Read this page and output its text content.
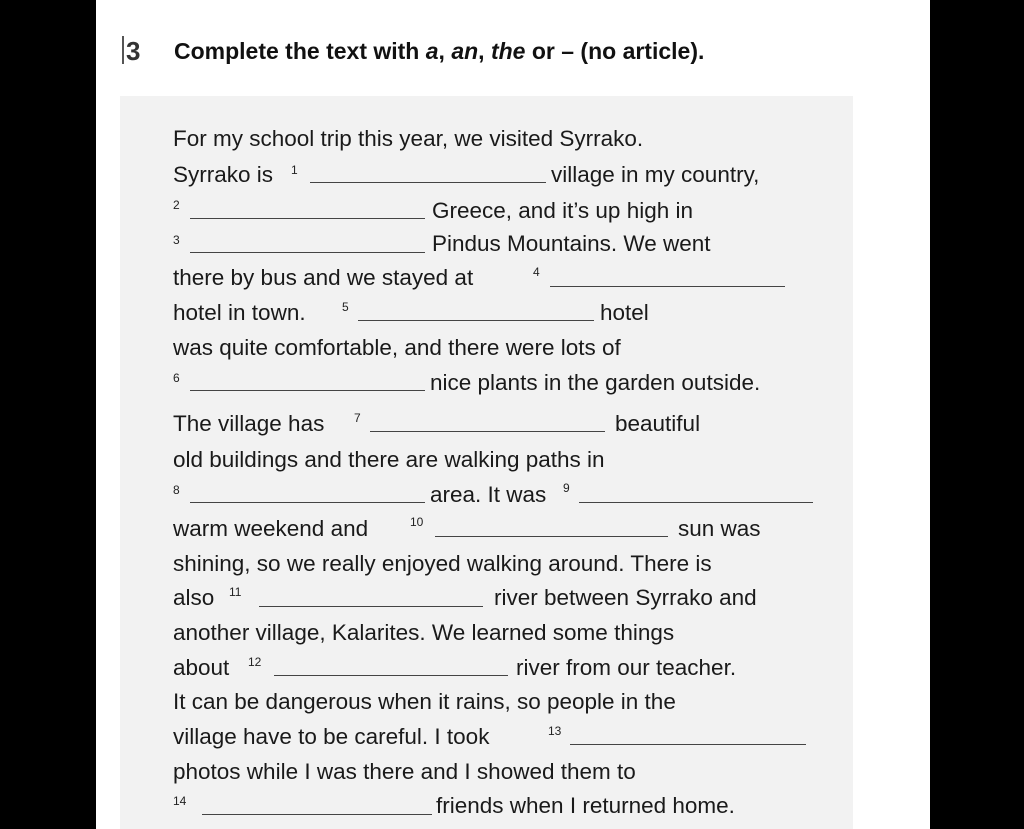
3 Complete the text with a, an, the or – (no article).
For my school trip this year, we visited Syrrako.
Syrrako is 1	village in my country,
2	Greece, and it’s up high in
3	Pindus Mountains. We went
there by bus and we stayed at	4
hotel in town.	5	hotel
was quite comfortable, and there were lots of
6	nice plants in the garden outside.
The village has 7	beautiful
old buildings and there are walking paths in
8	area. It was 9
warm weekend and	10	sun was
shining, so we really enjoyed walking around. There is
also 11	river between Syrrako and
another village, Kalarites. We learned some things
about 12	river from our teacher.
It can be dangerous when it rains, so people in the
village have to be careful. I took	13
photos while I was there and I showed them to
14	friends when I returned home.
